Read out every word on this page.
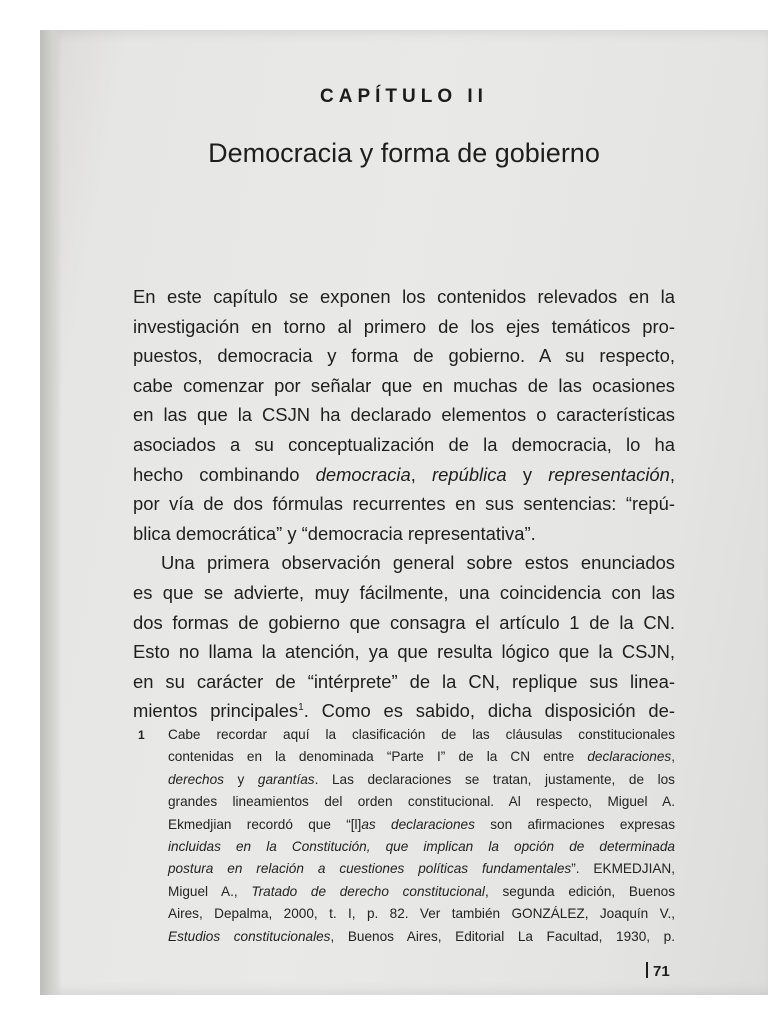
CAPÍTULO II
Democracia y forma de gobierno
En este capítulo se exponen los contenidos relevados en la
investigación en torno al primero de los ejes temáticos pro-
puestos, democracia y forma de gobierno. A su respecto,
cabe comenzar por señalar que en muchas de las ocasiones
en las que la CSJN ha declarado elementos o características
asociados a su conceptualización de la democracia, lo ha
hecho combinando democracia, república y representación,
por vía de dos fórmulas recurrentes en sus sentencias: “repú-
blica democrática” y “democracia representativa”.
Una primera observación general sobre estos enunciados
es que se advierte, muy fácilmente, una coincidencia con las
dos formas de gobierno que consagra el artículo 1 de la CN.
Esto no llama la atención, ya que resulta lógico que la CSJN,
en su carácter de “intérprete” de la CN, replique sus linea-
mientos principales$^1$. Como es sabido, dicha disposición de-
1 Cabe recordar aquí la clasificación de las cláusulas constitucionales
contenidas en la denominada “Parte I” de la CN entre declaraciones,
derechos y garantías. Las declaraciones se tratan, justamente, de los
grandes lineamientos del orden constitucional. Al respecto, Miguel A.
Ekmedjian recordó que “[l]as declaraciones son afirmaciones expresas
incluidas en la Constitución, que implican la opción de determinada
postura en relación a cuestiones políticas fundamentales”. EKMEDJIAN,
Miguel A., Tratado de derecho constitucional, segunda edición, Buenos
Aires, Depalma, 2000, t. I, p. 82. Ver también GONZÁLEZ, Joaquín V.,
Estudios constitucionales, Buenos Aires, Editorial La Facultad, 1930, p.
71
